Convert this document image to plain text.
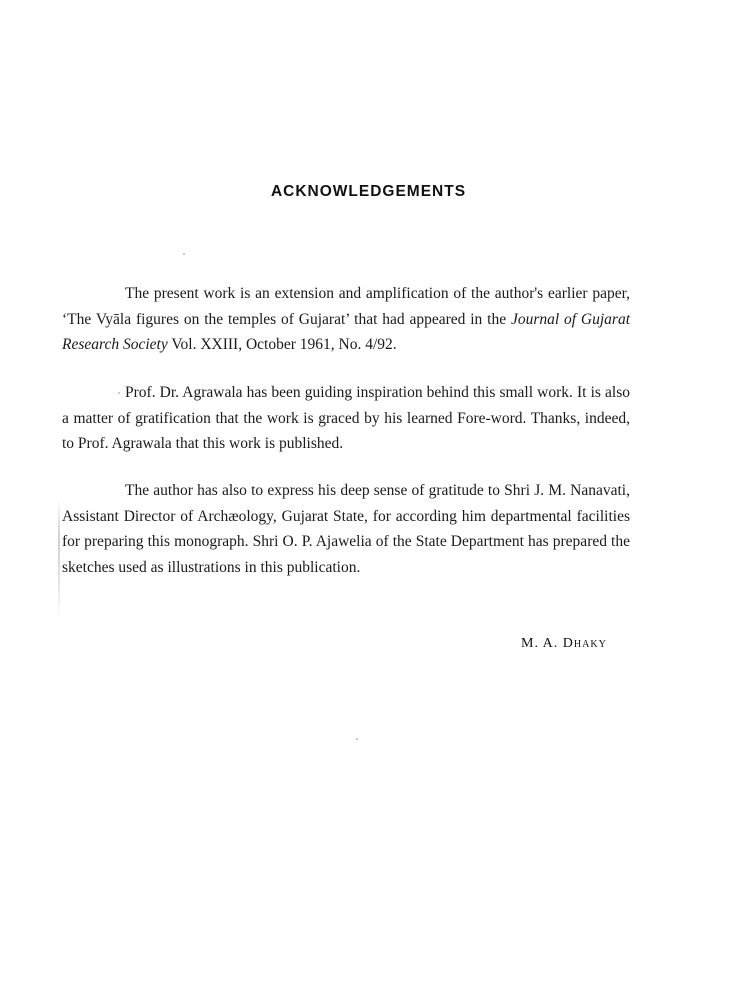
ACKNOWLEDGEMENTS

The present work is an extension and amplification of the author's earlier paper, ‘The Vyāla figures on the temples of Gujarat’ that had appeared in the Journal of Gujarat Research Society Vol. XXIII, October 1961, No. 4/92.

Prof. Dr. Agrawala has been guiding inspiration behind this small work. It is also a matter of gratification that the work is graced by his learned Fore-word. Thanks, indeed, to Prof. Agrawala that this work is published.

The author has also to express his deep sense of gratitude to Shri J. M. Nanavati, Assistant Director of Archæology, Gujarat State, for according him departmental facilities for preparing this monograph. Shri O. P. Ajawelia of the State Department has prepared the sketches used as illustrations in this publication.

M. A. Dhaky
